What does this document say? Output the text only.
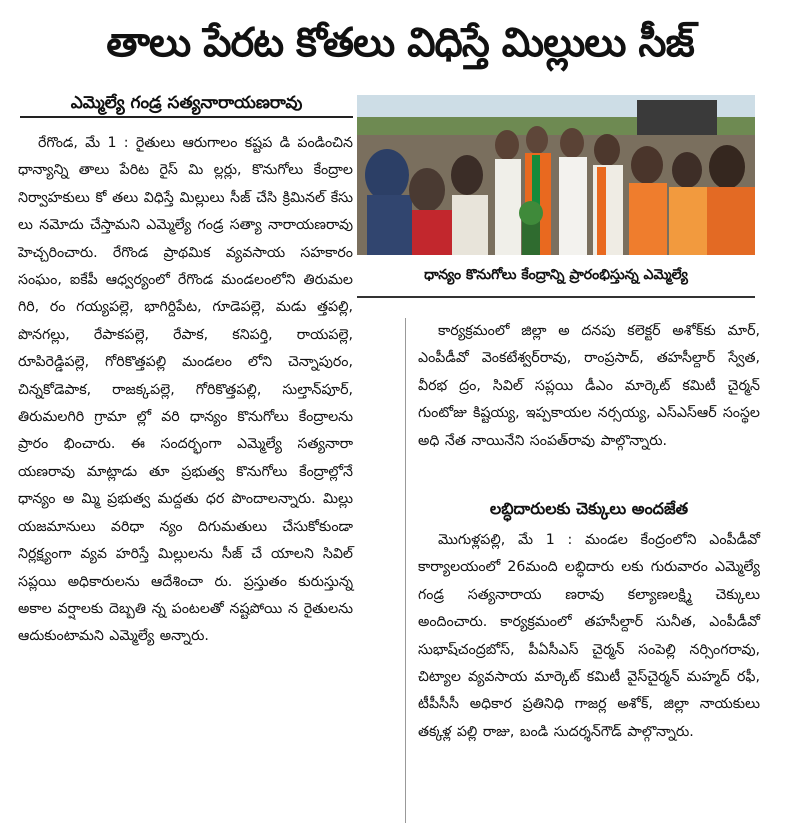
తాలు పేరట కోతలు విధిస్తే మిల్లులు సీజ్
ఎమ్మెల్యే గండ్ర సత్యనారాయణరావు
ధాన్యం కొనుగోలు కేంద్రాన్ని ప్రారంభిస్తున్న ఎమ్మెల్యే

రేగొండ, మే 1 : రైతులు ఆరుగాలం కష్టప డి పండించిన ధాన్యాన్ని తాలు పేరిట రైస్ మి ల్లర్లు, కొనుగోలు కేంద్రాల నిర్వాహకులు కో తలు విధిస్తే మిల్లులు సీజ్ చేసి క్రిమినల్ కేసు లు నమోదు చేస్తామని ఎమ్మెల్యే గండ్ర సత్యా నారాయణరావు హెచ్చరించారు. రేగొండ ప్రాథమిక వ్యవసాయ సహకారం సంఘం, ఐకేపీ ఆధ్వర్యంలో రేగొండ మండలంలోని తిరుమల గిరి, రం గయ్యపల్లె, భాగిర్దిపేట, గూడెపల్లె, మడు త్తపల్లి, పొనగల్లు, రేపాకపల్లె, రేపాక, కనిపర్తి, రాయపల్లె, రూపిరెడ్డిపల్లె, గోరికొత్తపల్లి మండలం లోని చెన్నాపురం, చిన్నకోడెపాక, రాజక్కపల్లె, గోరికొత్తపల్లి, సుల్తాన్‌పూర్, తిరుమలగిరి గ్రామా ల్లో వరి ధాన్యం కొనుగోలు కేంద్రాలను ప్రారం భించారు. ఈ సందర్భంగా ఎమ్మెల్యే సత్యనారా యణరావు మాట్లాడు తూ ప్రభుత్వ కొనుగోలు కేంద్రాల్లోనే ధాన్యం అ మ్మి ప్రభుత్వ మద్దతు ధర పొందాలన్నారు. మిల్లు యజమానులు వరిధా న్యం దిగుమతులు చేసుకోకుండా నిర్లక్ష్యంగా వ్యవ హరిస్తే మిల్లులను సీజ్ చే యాలని సివిల్ సప్లయి అధికారులను ఆదేశించా రు. ప్రస్తుతం కురుస్తున్న అకాల వర్షాలకు దెబ్బతి న్న పంటలతో నష్టపోయి న రైతులను ఆదుకుంటామని ఎమ్మెల్యే అన్నారు.

కార్యక్రమంలో జిల్లా అ దనపు కలెక్టర్ అశోక్‌కు మార్, ఎంపీడీవో వెంకటేశ్వర్‌రావు, రాంప్రసాద్, తహసీల్దార్ స్వేత, వీరభ ద్రం, సివిల్ సప్లయి డీఎం మార్కెట్ కమిటీ చైర్మన్ గుంటోజు కిష్టయ్య, ఇప్పకాయల నర్సయ్య, ఎస్ఎస్ఆర్ సంస్థల అధి నేత నాయినేని సంపత్‌రావు పాల్గొన్నారు.

లబ్ధిదారులకు చెక్కులు అందజేత

మొగుళ్లపల్లి, మే 1 : మండల కేంద్రంలోని ఎంపీడీవో కార్యాలయంలో 26మంది లబ్ధిదారు లకు గురువారం ఎమ్మెల్యే గండ్ర సత్యనారాయ ణరావు కల్యాణలక్ష్మి చెక్కులు అందించారు. కార్యక్రమంలో తహసీల్దార్ సునీత, ఎంపీడీవో సుభాష్‌చంద్రబోస్, పీఏసీఎస్ చైర్మన్ సంపెల్లి నర్సింగరావు, చిట్యాల వ్యవసాయ మార్కెట్ కమిటీ వైస్‌చైర్మన్ మహ్మద్ రఫీ, టీపీసీసీ అధికార ప్రతినిధి గాజర్ల అశోక్, జిల్లా నాయకులు తక్కళ్ల పల్లి రాజు, బండి సుదర్శన్‌గౌడ్ పాల్గొన్నారు.
